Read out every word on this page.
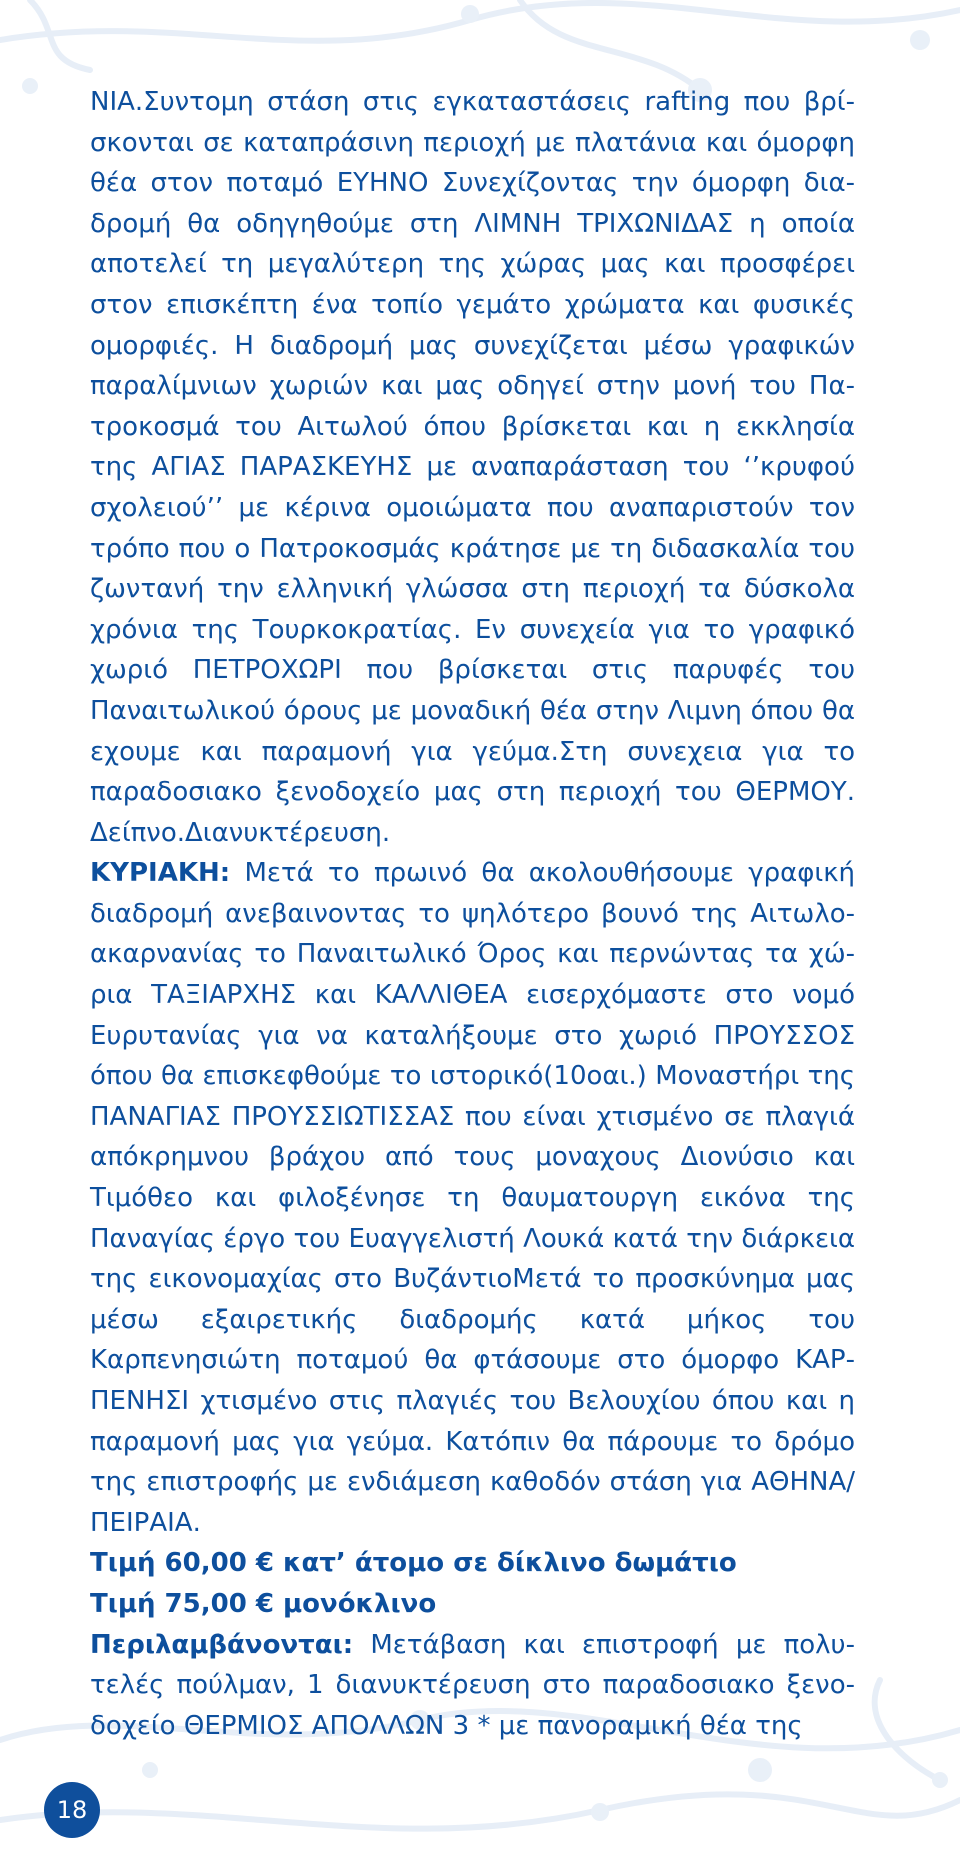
ΝΙΑ.Συντομη στάση στις εγκαταστάσεις rafting που βρίσκονται σε καταπράσινη περιοχή με πλατάνια και όμορφη θέα στον ποταμό ΕΥΗΝΟ Συνεχίζοντας την όμορφη διαδρομή θα οδηγηθούμε στη ΛΙΜΝΗ ΤΡΙΧΩΝΙΔΑΣ η οποία αποτελεί τη μεγαλύτερη της χώρας μας και προσφέρει στον επισκέπτη ένα τοπίο γεμάτο χρώματα και φυσικές ομορφιές. Η διαδρομή μας συνεχίζεται μέσω γραφικών παραλίμνιων χωριών και μας οδηγεί στην μονή του Πατροκοσμά του Αιτωλού όπου βρίσκεται και η εκκλησία της ΑΓΙΑΣ ΠΑΡΑΣΚΕΥΗΣ με αναπαράσταση του ‘’κρυφού σχολειού’’ με κέρινα ομοιώματα που αναπαριστούν τον τρόπο που ο Πατροκοσμάς κράτησε με τη διδασκαλία του ζωντανή την ελληνική γλώσσα στη περιοχή τα δύσκολα χρόνια της Τουρκοκρατίας. Εν συνεχεία για το γραφικό χωριό ΠΕΤΡΟΧΩΡΙ που βρίσκεται στις παρυφές του Παναιτωλικού όρους με μοναδική θέα στην Λιμνη όπου θα εχουμε και παραμονή για γεύμα.Στη συνεχεια για το παραδοσιακο ξενοδοχείο μας στη περιοχή του ΘΕΡΜΟΥ. Δείπνο.Διανυκτέρευση.

ΚΥΡΙΑΚΗ: Μετά το πρωινό θα ακολουθήσουμε γραφική διαδρομή ανεβαινοντας το ψηλότερο βουνό της Αιτωλοακαρνανίας το Παναιτωλικό Όρος και περνώντας τα χώρια ΤΑΞΙΑΡΧΗΣ και ΚΑΛΛΙΘΕΑ εισερχόμαστε στο νομό Ευρυτανίας για να καταλήξουμε στο χωριό ΠΡΟΥΣΣΟΣ όπου θα επισκεφθούμε το ιστορικό(10οαι.) Μοναστήρι της ΠΑΝΑΓΙΑΣ ΠΡΟΥΣΣΙΩΤΙΣΣΑΣ που είναι χτισμένο σε πλαγιά απόκρημνου βράχου από τους μοναχους Διονύσιο και Τιμόθεο και φιλοξένησε τη θαυματουργη εικόνα της Παναγίας έργο του Ευαγγελιστή Λουκά κατά την διάρκεια της εικονομαχίας στο ΒυζάντιοΜετά το προσκύνημα μας μέσω εξαιρετικής διαδρομής κατά μήκος του Καρπενησιώτη ποταμού θα φτάσουμε στο όμορφο ΚΑΡΠΕΝΗΣΙ χτισμένο στις πλαγιές του Βελουχίου όπου και η παραμονή μας για γεύμα. Κατόπιν θα πάρουμε το δρόμο της επιστροφής με ενδιάμεση καθοδόν στάση για ΑΘΗΝΑ/ΠΕΙΡΑΙΑ.

Τιμή 60,00 € κατ’ άτομο σε δίκλινο δωμάτιο

Τιμή 75,00 € μονόκλινο

Περιλαμβάνονται: Μετάβαση και επιστροφή με πολυτελές πούλμαν, 1 διανυκτέρευση στο παραδοσιακο ξενοδοχείο ΘΕΡΜΙΟΣ ΑΠΟΛΛΩΝ 3 * με πανοραμική θέα της

18
